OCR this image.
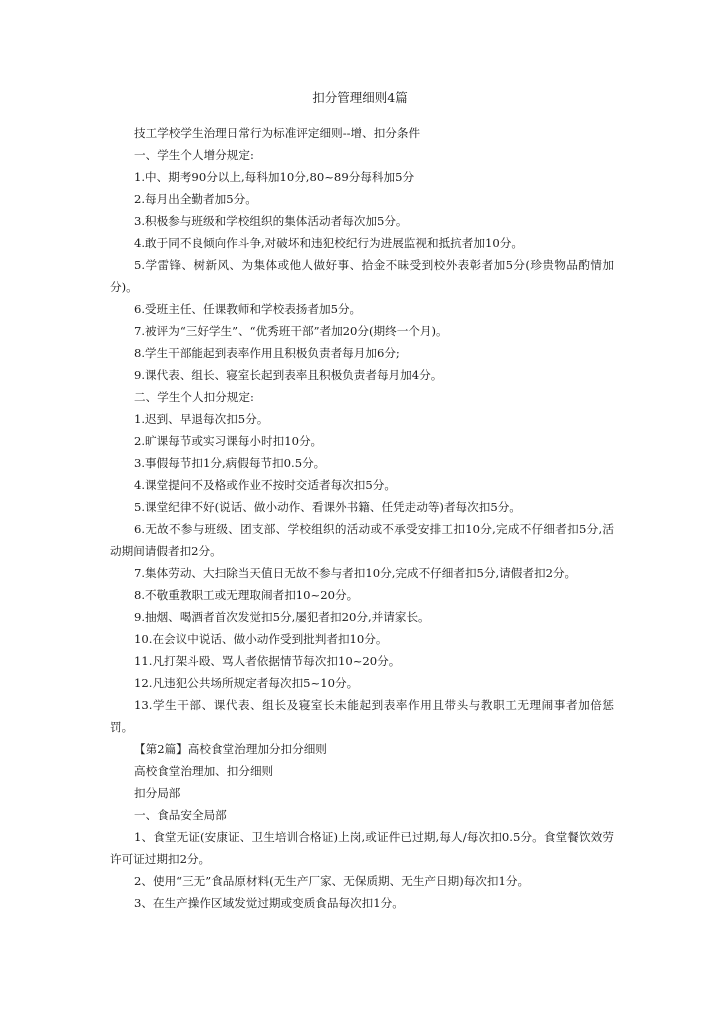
扣分管理细则4篇

技工学校学生治理日常行为标准评定细则--增、扣分条件

一、学生个人增分规定:

1.中、期考90分以上,每科加10分,80~89分每科加5分

2.每月出全勤者加5分。

3.积极参与班级和学校组织的集体活动者每次加5分。

4.敢于同不良倾向作斗争,对破坏和违犯校纪行为进展监视和抵抗者加10分。

5.学雷锋、树新风、为集体或他人做好事、拾金不昧受到校外表彰者加5分(珍贵物品酌情加分)。

6.受班主任、任课教师和学校表扬者加5分。

7.被评为“三好学生”、“优秀班干部”者加20分(期终一个月)。

8.学生干部能起到表率作用且积极负责者每月加6分;

9.课代表、组长、寝室长起到表率且积极负责者每月加4分。

二、学生个人扣分规定:

1.迟到、早退每次扣5分。

2.旷课每节或实习课每小时扣10分。

3.事假每节扣1分,病假每节扣0.5分。

4.课堂提问不及格或作业不按时交适者每次扣5分。

5.课堂纪律不好(说话、做小动作、看课外书籍、任凭走动等)者每次扣5分。

6.无故不参与班级、团支部、学校组织的活动或不承受安排工扣10分,完成不仔细者扣5分,活动期间请假者扣2分。

7.集体劳动、大扫除当天值日无故不参与者扣10分,完成不仔细者扣5分,请假者扣2分。

8.不敬重教职工或无理取闹者扣10~20分。

9.抽烟、喝酒者首次发觉扣5分,屡犯者扣20分,并请家长。

10.在会议中说话、做小动作受到批判者扣10分。

11.凡打架斗殴、骂人者依据情节每次扣10~20分。

12.凡违犯公共场所规定者每次扣5~10分。

13.学生干部、课代表、组长及寝室长未能起到表率作用且带头与教职工无理闹事者加倍惩罚。

【第2篇】高校食堂治理加分扣分细则

高校食堂治理加、扣分细则

扣分局部

一、食品安全局部

1、食堂无证(安康证、卫生培训合格证)上岗,或证件已过期,每人/每次扣0.5分。食堂餐饮效劳许可证过期扣2分。

2、使用“三无”食品原材料(无生产厂家、无保质期、无生产日期)每次扣1分。

3、在生产操作区域发觉过期或变质食品每次扣1分。
